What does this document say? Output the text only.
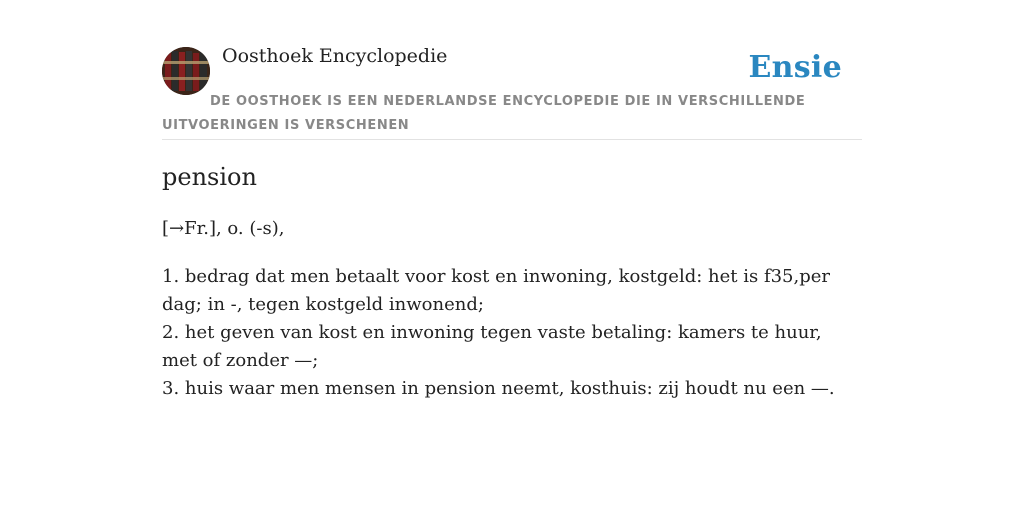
Oosthoek Encyclopedie	Ensie
DE OOSTHOEK IS EEN NEDERLANDSE ENCYCLOPEDIE DIE IN VERSCHILLENDE UITVOERINGEN IS VERSCHENEN
pension
[→Fr.], o. (-s),
1. bedrag dat men betaalt voor kost en inwoning, kostgeld: het is f35,per dag; in -, tegen kostgeld inwonend;
2. het geven van kost en inwoning tegen vaste betaling: kamers te huur, met of zonder —;
3. huis waar men mensen in pension neemt, kosthuis: zij houdt nu een —.
